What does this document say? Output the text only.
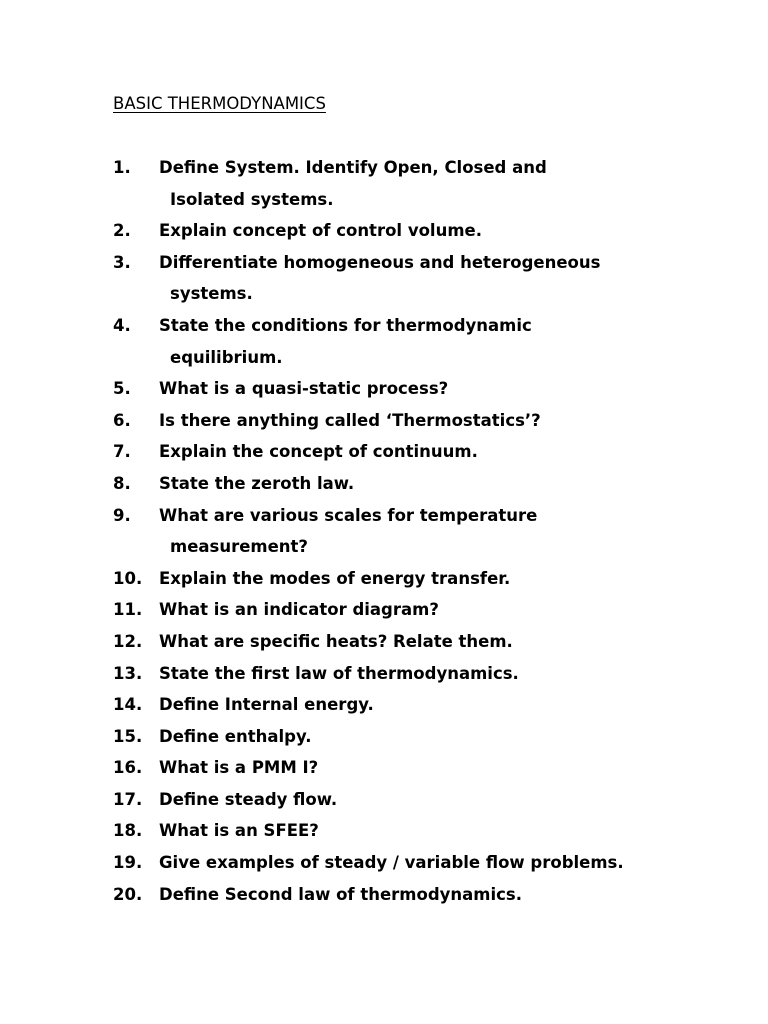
BASIC THERMODYNAMICS
1. Define System. Identify Open, Closed and
Isolated systems.
2. Explain concept of control volume.
3. Differentiate homogeneous and heterogeneous
systems.
4. State the conditions for thermodynamic
equilibrium.
5. What is a quasi-static process?
6. Is there anything called ‘Thermostatics’?
7. Explain the concept of continuum.
8. State the zeroth law.
9. What are various scales for temperature
measurement?
10. Explain the modes of energy transfer.
11. What is an indicator diagram?
12. What are specific heats? Relate them.
13. State the first law of thermodynamics.
14. Define Internal energy.
15. Define enthalpy.
16. What is a PMM I?
17. Define steady flow.
18. What is an SFEE?
19. Give examples of steady / variable flow problems.
20. Define Second law of thermodynamics.
